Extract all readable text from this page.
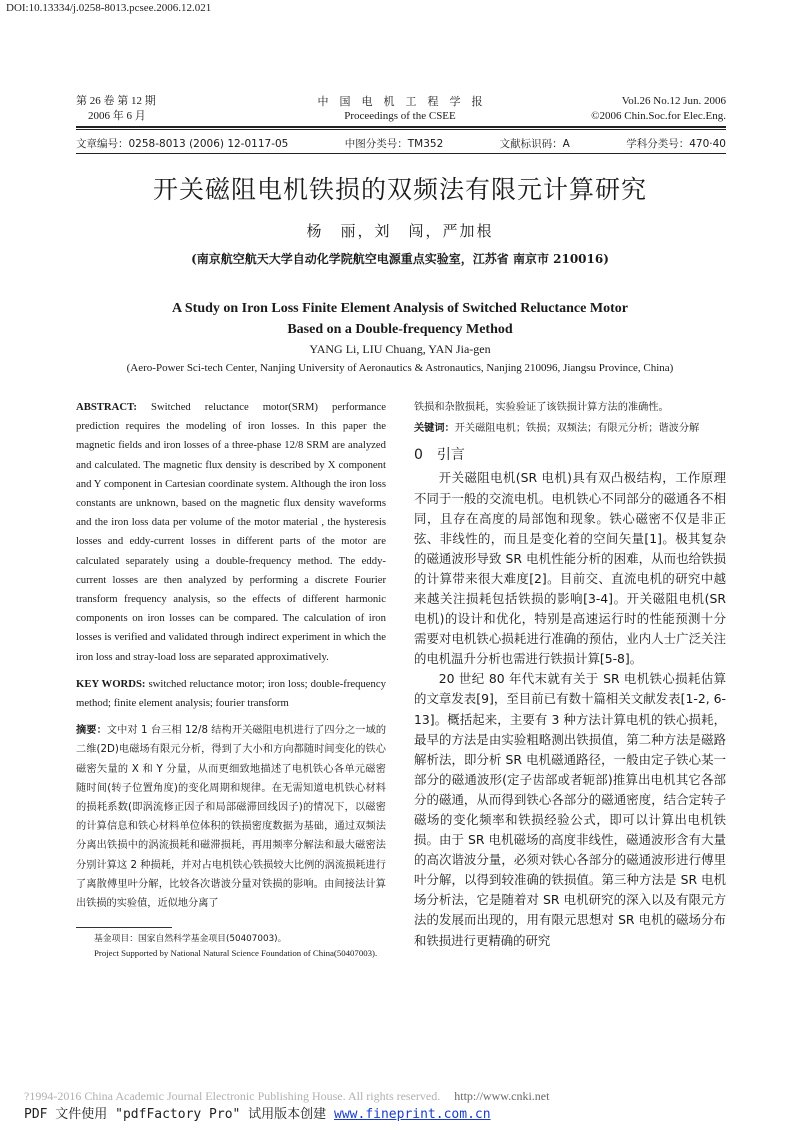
DOI:10.13334/j.0258-8013.pcsee.2006.12.021
第 26 卷 第 12 期
2006 年 6 月
中　国　电　机　工　程　学　报
Proceedings of the CSEE
Vol.26 No.12 Jun. 2006
©2006 Chin.Soc.for Elec.Eng.
文章编号：0258-8013 (2006) 12-0117-05	中图分类号：TM352	文献标识码：A	学科分类号：470·40
开关磁阻电机铁损的双频法有限元计算研究
杨　丽，刘　闯，严加根
(南京航空航天大学自动化学院航空电源重点实验室，江苏省 南京市 210016)
A Study on Iron Loss Finite Element Analysis of Switched Reluctance Motor
Based on a Double-frequency Method
YANG Li, LIU Chuang, YAN Jia-gen
(Aero-Power Sci-tech Center, Nanjing University of Aeronautics & Astronautics, Nanjing 210096, Jiangsu Province, China)

ABSTRACT: Switched reluctance motor(SRM) performance prediction requires the modeling of iron losses. In this paper the magnetic fields and iron losses of a three-phase 12/8 SRM are analyzed and calculated. The magnetic flux density is described by X component and Y component in Cartesian coordinate system. Although the iron loss constants are unknown, based on the magnetic flux density waveforms and the iron loss data per volume of the motor material , the hysteresis losses and eddy-current losses in different parts of the motor are calculated separately using a double-frequency method. The eddy-current losses are then analyzed by performing a discrete Fourier transform frequency analysis, so the effects of different harmonic components on iron losses can be compared. The calculation of iron losses is verified and validated through indirect experiment in which the iron loss and stray-load loss are separated approximatively.

KEY WORDS: switched reluctance motor; iron loss; double-frequency method; finite element analysis; fourier transform

摘要：文中对 1 台三相 12/8 结构开关磁阻电机进行了四分之一域的二维(2D)电磁场有限元分析，得到了大小和方向都随时间变化的铁心磁密矢量的 X 和 Y 分量，从而更细致地描述了电机铁心各单元磁密随时间(转子位置角度)的变化周期和规律。在无需知道电机铁心材料的损耗系数(即涡流修正因子和局部磁滞回线因子)的情况下，以磁密的计算信息和铁心材料单位体积的铁损密度数据为基础，通过双频法分离出铁损中的涡流损耗和磁滞损耗，再用频率分解法和最大磁密法分别计算这 2 种损耗，并对占电机铁心铁损较大比例的涡流损耗进行了离散傅里叶分解，比较各次谐波分量对铁损的影响。由间接法计算出铁损的实验值，近似地分离了

基金项目：国家自然科学基金项目(50407003)。

Project Supported by National Natural Science Foundation of China(50407003).

铁损和杂散损耗，实验验证了该铁损计算方法的准确性。

关键词：开关磁阻电机；铁损；双频法；有限元分析；谐波分解

0　引言

开关磁阻电机(SR 电机)具有双凸极结构，工作原理不同于一般的交流电机。电机铁心不同部分的磁通各不相同，且存在高度的局部饱和现象。铁心磁密不仅是非正弦、非线性的，而且是变化着的空间矢量[1]。极其复杂的磁通波形导致 SR 电机性能分析的困难，从而也给铁损的计算带来很大难度[2]。目前交、直流电机的研究中越来越关注损耗包括铁损的影响[3-4]。开关磁阻电机(SR 电机)的设计和优化，特别是高速运行时的性能预测十分需要对电机铁心损耗进行准确的预估，业内人士广泛关注的电机温升分析也需进行铁损计算[5-8]。

20 世纪 80 年代末就有关于 SR 电机铁心损耗估算的文章发表[9]，至目前已有数十篇相关文献发表[1-2, 6-13]。概括起来，主要有 3 种方法计算电机的铁心损耗，最早的方法是由实验粗略测出铁损值，第二种方法是磁路解析法，即分析 SR 电机磁通路径，一般由定子铁心某一部分的磁通波形(定子齿部或者轭部)推算出电机其它各部分的磁通，从而得到铁心各部分的磁通密度，结合定转子磁场的变化频率和铁损经验公式，即可以计算出电机铁损。由于 SR 电机磁场的高度非线性，磁通波形含有大量的高次谐波分量，必须对铁心各部分的磁通波形进行傅里叶分解，以得到较准确的铁损值。第三种方法是 SR 电机场分析法，它是随着对 SR 电机研究的深入以及有限元方法的发展而出现的，用有限元思想对 SR 电机的磁场分布和铁损进行更精确的研究

?1994-2016 China Academic Journal Electronic Publishing House. All rights reserved. http://www.cnki.net
PDF 文件使用 "pdfFactory Pro" 试用版本创建 www.fineprint.com.cn
